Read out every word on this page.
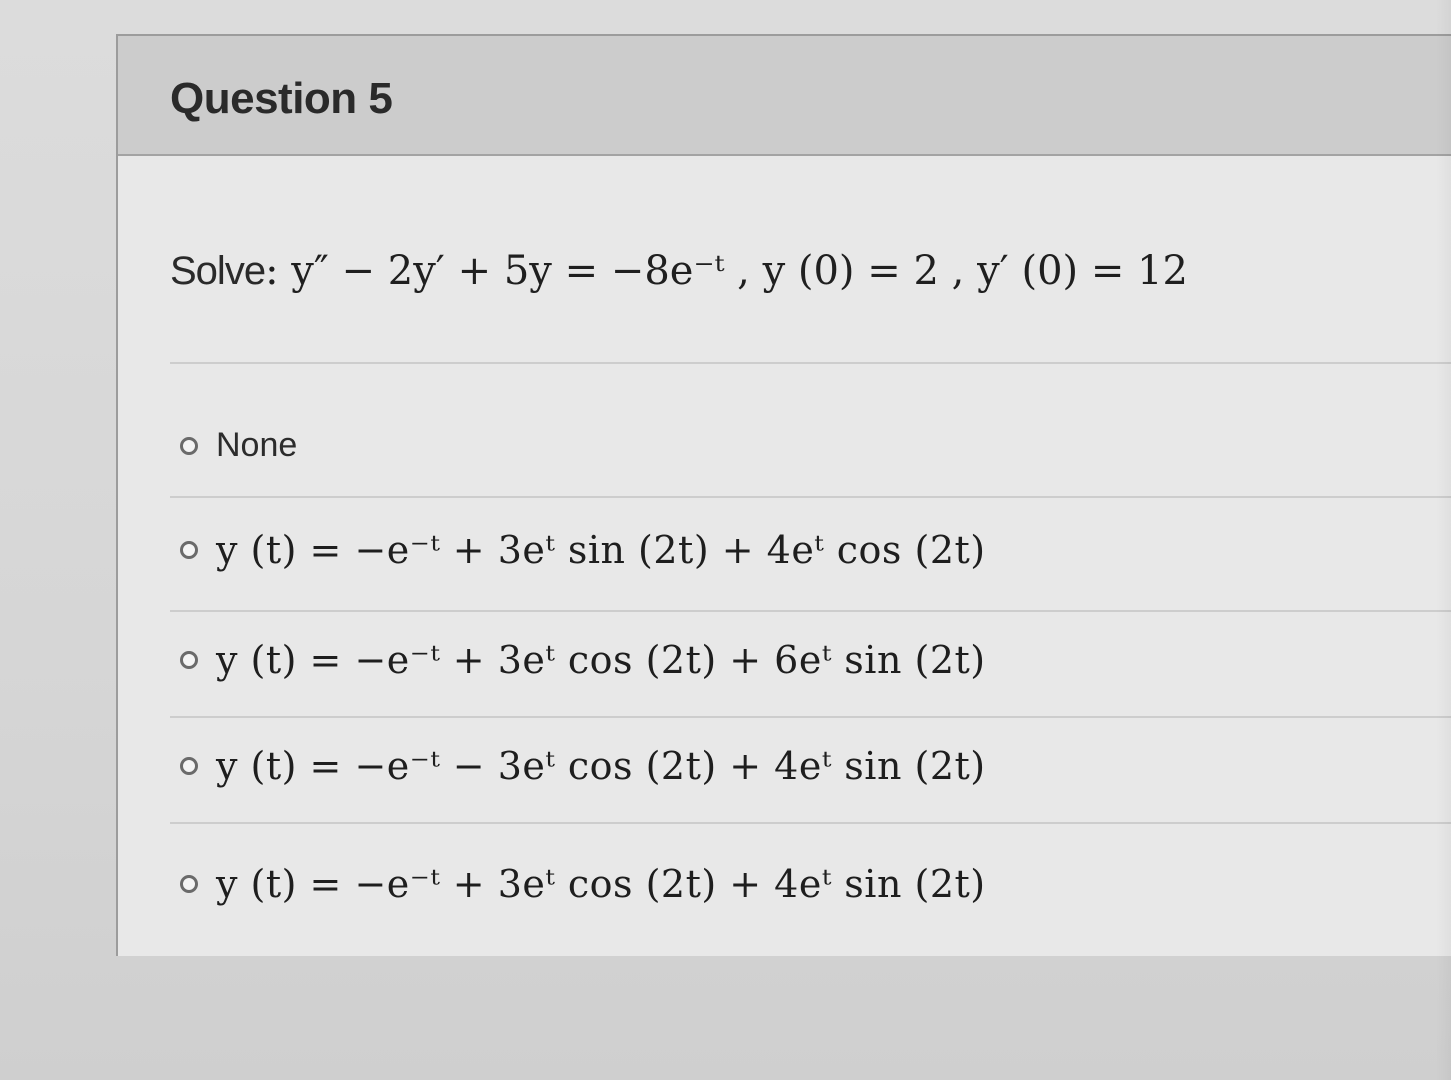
Question 5
Solve: y″ − 2y′ + 5y = −8e⁻ᵗ , y (0) = 2 , y′ (0) = 12
None
y (t) = −e⁻ᵗ + 3eᵗ sin (2t) + 4eᵗ cos (2t)
y (t) = −e⁻ᵗ + 3eᵗ cos (2t) + 6eᵗ sin (2t)
y (t) = −e⁻ᵗ − 3eᵗ cos (2t) + 4eᵗ sin (2t)
y (t) = −e⁻ᵗ + 3eᵗ cos (2t) + 4eᵗ sin (2t)
